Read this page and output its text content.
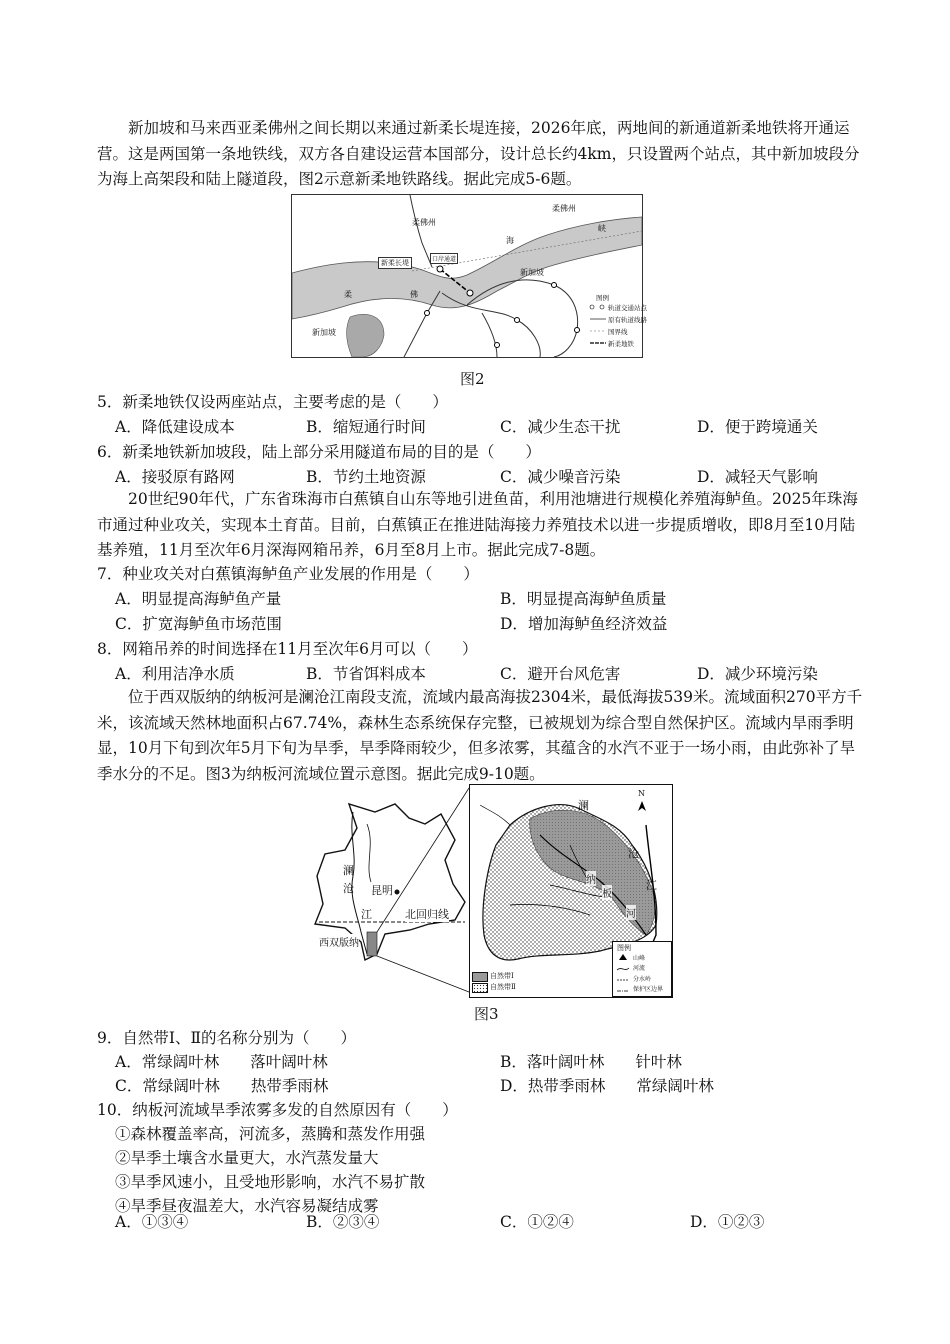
新加坡和马来西亚柔佛州之间长期以来通过新柔长堤连接，2026年底，两地间的新通道新柔地铁将开通运营。这是两国第一条地铁线，双方各自建设运营本国部分，设计总长约4km，只设置两个站点，其中新加坡段分为海上高架段和陆上隧道段，图2示意新柔地铁路线。据此完成5-6题。

柔佛州
柔佛州
新柔长堤	口岸通道
新加坡
新加坡
柔	佛
海
峡
图例
轨道交通站点
原有轨道线路
国界线
新柔地铁
图2
5．新柔地铁仅设两座站点，主要考虑的是（　　）
A．降低建设成本	B．缩短通行时间	C．减少生态干扰	D．便于跨境通关
6．新柔地铁新加坡段，陆上部分采用隧道布局的目的是（　　）
A．接驳原有路网	B．节约土地资源	C．减少噪音污染	D．减轻天气影响

20世纪90年代，广东省珠海市白蕉镇自山东等地引进鱼苗，利用池塘进行规模化养殖海鲈鱼。2025年珠海市通过种业攻关，实现本土育苗。目前，白蕉镇正在推进陆海接力养殖技术以进一步提质增收，即8月至10月陆基养殖，11月至次年6月深海网箱吊养，6月至8月上市。据此完成7-8题。

7．种业攻关对白蕉镇海鲈鱼产业发展的作用是（　　）
A．明显提高海鲈鱼产量	B．明显提高海鲈鱼质量
C．扩宽海鲈鱼市场范围	D．增加海鲈鱼经济效益
8．网箱吊养的时间选择在11月至次年6月可以（　　）
A．利用洁净水质	B．节省饵料成本	C．避开台风危害	D．减少环境污染

位于西双版纳的纳板河是澜沧江南段支流，流域内最高海拔2304米，最低海拔539米。流域面积270平方千米，该流域天然林地面积占67.74%，森林生态系统保存完整，已被规划为综合型自然保护区。流域内旱雨季明显，10月下旬到次年5月下旬为旱季，旱季降雨较少，但多浓雾，其蕴含的水汽不亚于一场小雨，由此弥补了旱季水分的不足。图3为纳板河流域位置示意图。据此完成9-10题。

澜
沧
江
昆明
北回归线
西双版纳
N
澜
沧
江
纳
板
河
自然带Ⅰ
自然带Ⅱ
图例
山峰
河流
分水岭
保护区边界
图3
9．自然带Ⅰ、Ⅱ的名称分别为（　　）
A．常绿阔叶林　　落叶阔叶林	B．落叶阔叶林　　针叶林
C．常绿阔叶林　　热带季雨林	D．热带季雨林　　常绿阔叶林
10．纳板河流域旱季浓雾多发的自然原因有（　　）
①森林覆盖率高，河流多，蒸腾和蒸发作用强
②旱季土壤含水量更大，水汽蒸发量大
③旱季风速小，且受地形影响，水汽不易扩散
④旱季昼夜温差大，水汽容易凝结成雾
A．①③④	B．②③④	C．①②④	D．①②③
